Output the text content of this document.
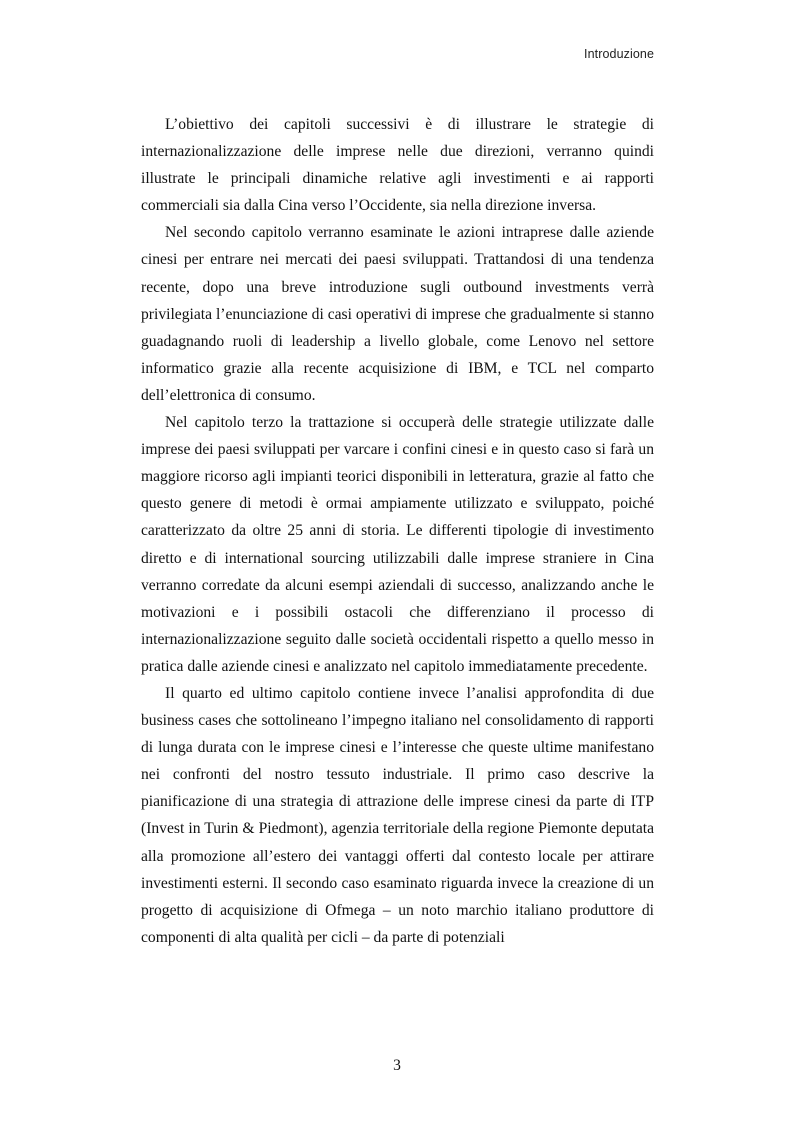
Introduzione

L’obiettivo dei capitoli successivi è di illustrare le strategie di internazionalizzazione delle imprese nelle due direzioni, verranno quindi illustrate le principali dinamiche relative agli investimenti e ai rapporti commerciali sia dalla Cina verso l’Occidente, sia nella direzione inversa.

Nel secondo capitolo verranno esaminate le azioni intraprese dalle aziende cinesi per entrare nei mercati dei paesi sviluppati. Trattandosi di una tendenza recente, dopo una breve introduzione sugli outbound investments verrà privilegiata l’enunciazione di casi operativi di imprese che gradualmente si stanno guadagnando ruoli di leadership a livello globale, come Lenovo nel settore informatico grazie alla recente acquisizione di IBM, e TCL nel comparto dell’elettronica di consumo.

Nel capitolo terzo la trattazione si occuperà delle strategie utilizzate dalle imprese dei paesi sviluppati per varcare i confini cinesi e in questo caso si farà un maggiore ricorso agli impianti teorici disponibili in letteratura, grazie al fatto che questo genere di metodi è ormai ampiamente utilizzato e sviluppato, poiché caratterizzato da oltre 25 anni di storia. Le differenti tipologie di investimento diretto e di international sourcing utilizzabili dalle imprese straniere in Cina verranno corredate da alcuni esempi aziendali di successo, analizzando anche le motivazioni e i possibili ostacoli che differenziano il processo di internazionalizzazione seguito dalle società occidentali rispetto a quello messo in pratica dalle aziende cinesi e analizzato nel capitolo immediatamente precedente.

Il quarto ed ultimo capitolo contiene invece l’analisi approfondita di due business cases che sottolineano l’impegno italiano nel consolidamento di rapporti di lunga durata con le imprese cinesi e l’interesse che queste ultime manifestano nei confronti del nostro tessuto industriale. Il primo caso descrive la pianificazione di una strategia di attrazione delle imprese cinesi da parte di ITP (Invest in Turin & Piedmont), agenzia territoriale della regione Piemonte deputata alla promozione all’estero dei vantaggi offerti dal contesto locale per attirare investimenti esterni. Il secondo caso esaminato riguarda invece la creazione di un progetto di acquisizione di Ofmega – un noto marchio italiano produttore di componenti di alta qualità per cicli – da parte di potenziali

3
